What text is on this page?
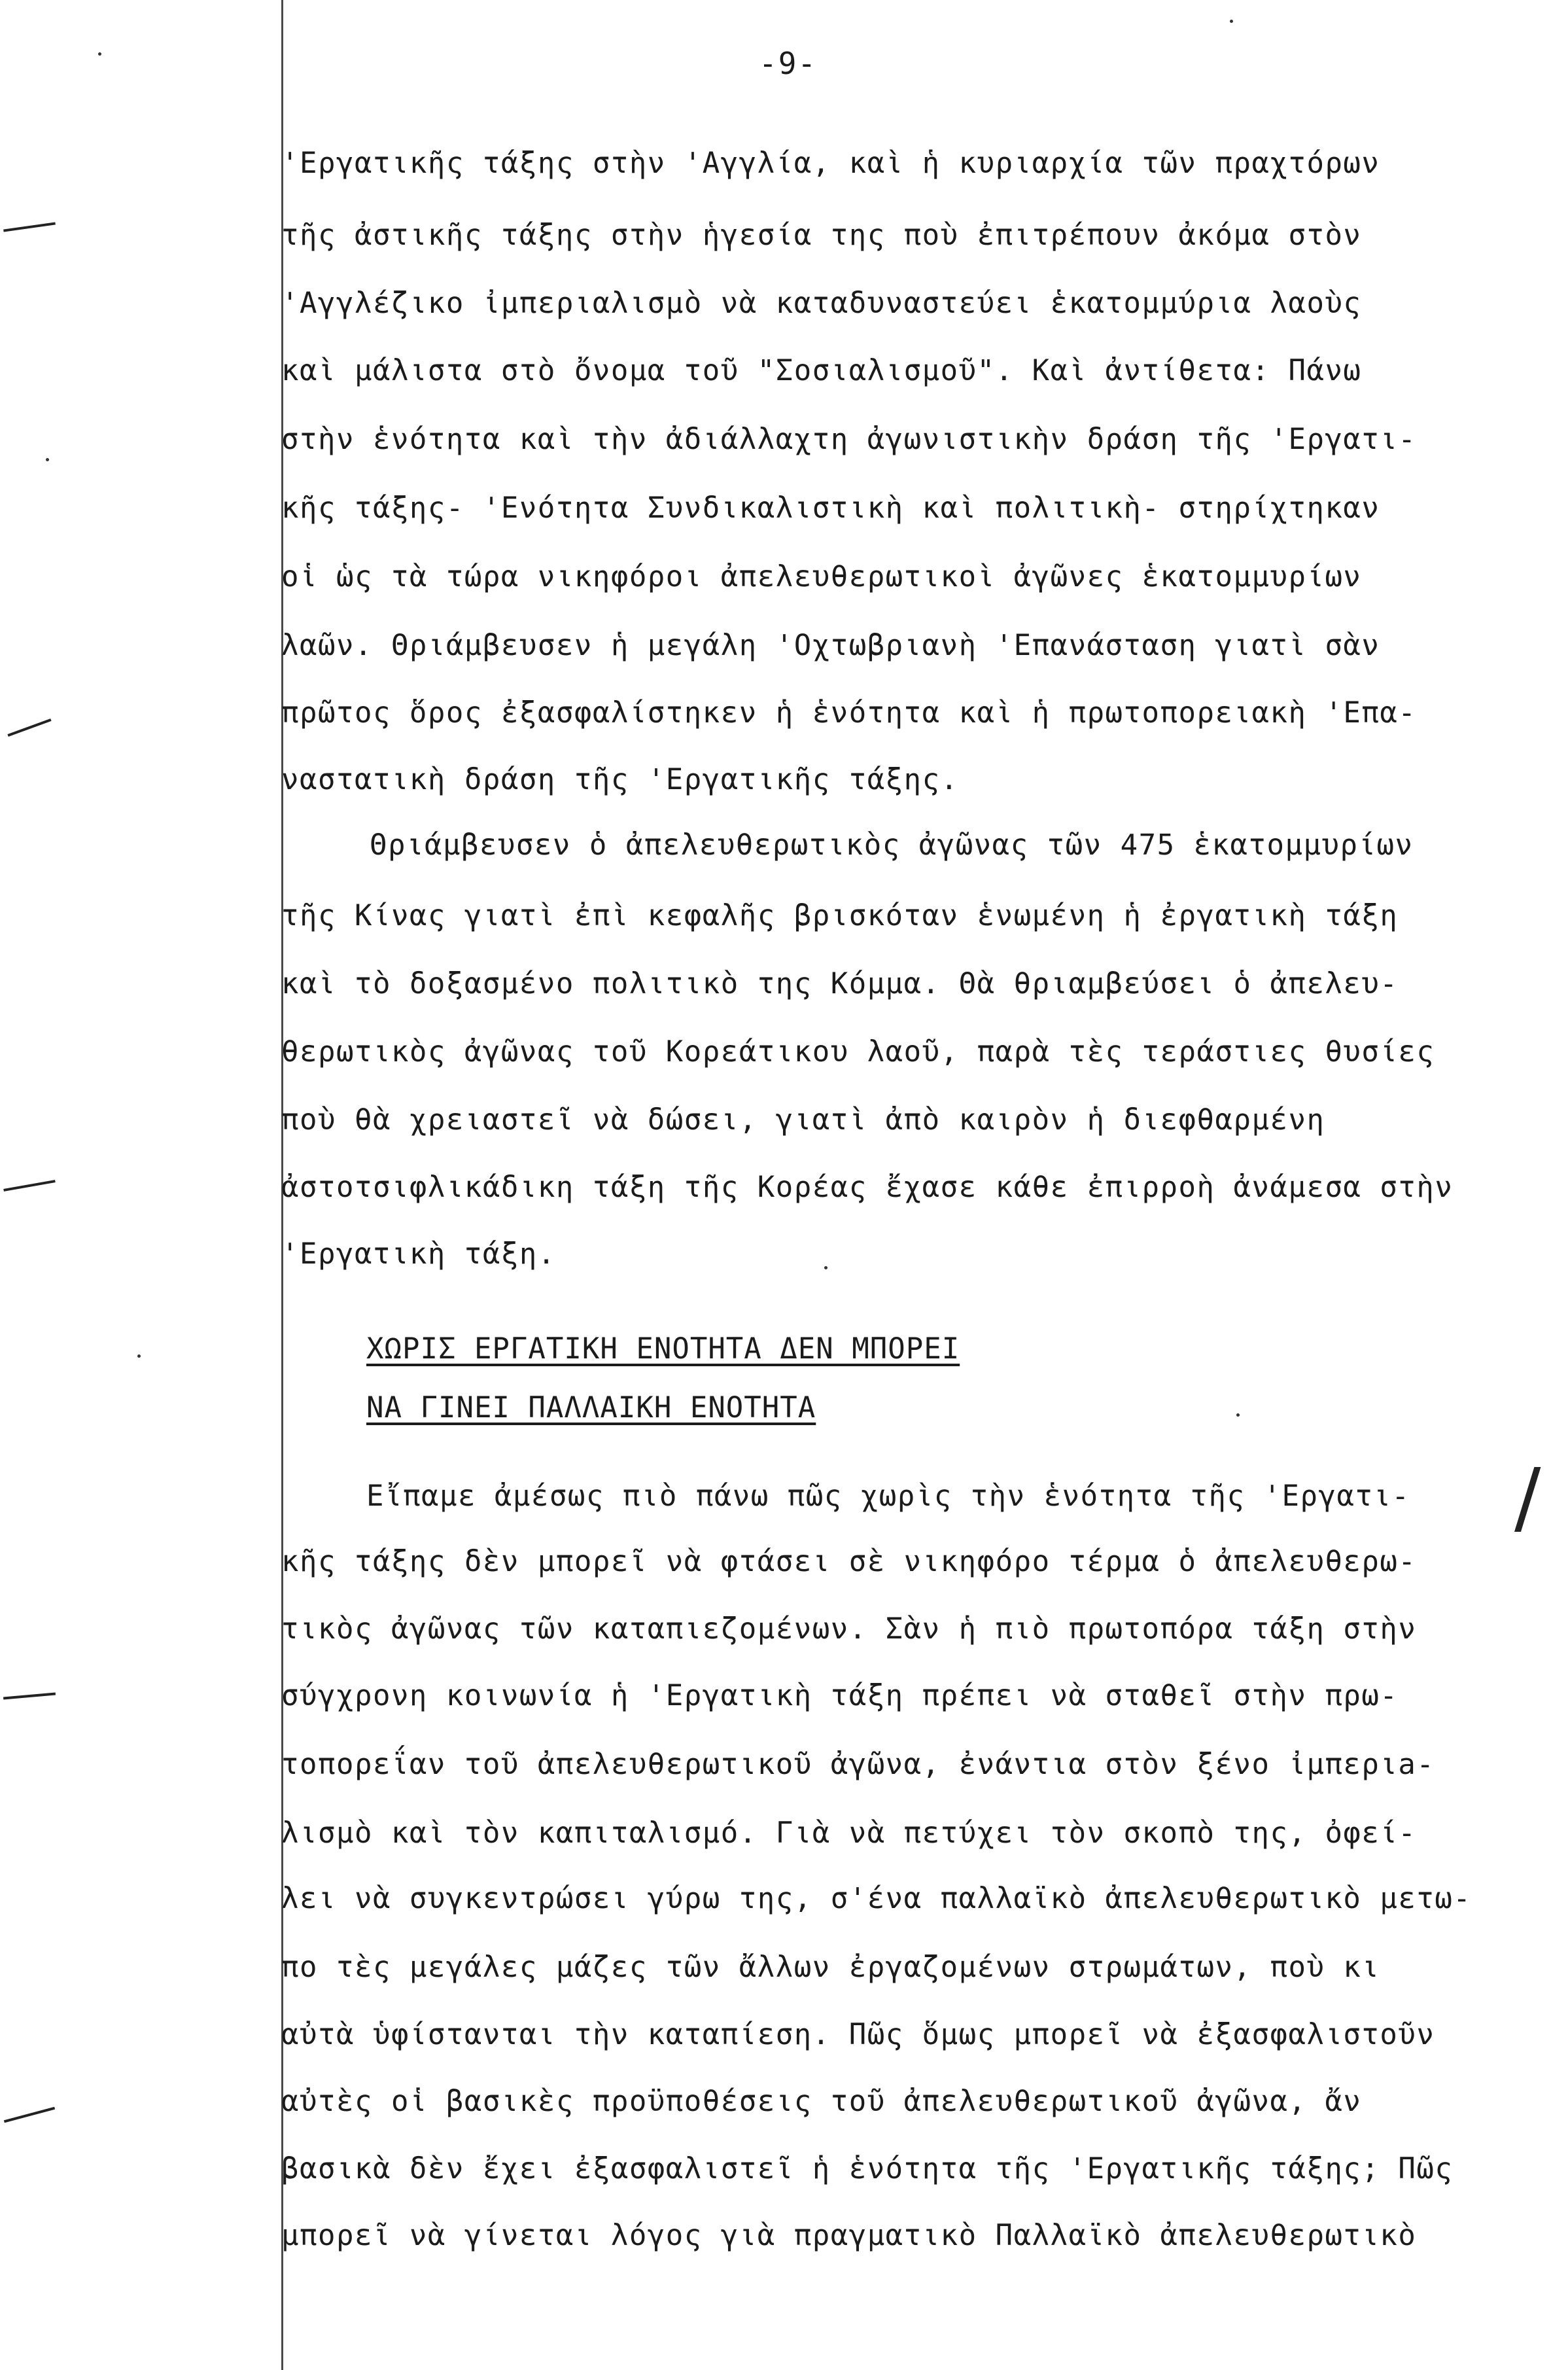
-9-
'Εργατικῆς τάξης στὴν 'Αγγλία, καὶ ἡ κυριαρχία τῶν πραχτόρων
τῆς ἀστικῆς τάξης στὴν ἡγεσία της ποὺ ἐπιτρέπουν ἀκόμα στὸν
'Αγγλέζικο ἰμπεριαλισμὸ νὰ καταδυναστεύει ἑκατομμύρια λαοὺς
καὶ μάλιστα στὸ ὄνομα τοῦ "Σοσιαλισμοῦ". Καὶ ἀντίθετα: Πάνω
στὴν ἑνότητα καὶ τὴν ἀδιάλλαχτη ἀγωνιστικὴν δράση τῆς 'Εργατι-
κῆς τάξης- 'Ενότητα Συνδικαλιστικὴ καὶ πολιτικὴ- στηρίχτηκαν
οἱ ὡς τὰ τώρα νικηφόροι ἀπελευθερωτικοὶ ἀγῶνες ἑκατομμυρίων
λαῶν. Θριάμβευσεν ἡ μεγάλη 'Οχτωβριανὴ 'Επανάσταση γιατὶ σὰν
πρῶτος ὅρος ἐξασφαλίστηκεν ἡ ἑνότητα καὶ ἡ πρωτοπορειακὴ 'Επα-
ναστατικὴ δράση τῆς 'Εργατικῆς τάξης.
Θριάμβευσεν ὁ ἀπελευθερωτικὸς ἀγῶνας τῶν 475 ἑκατομμυρίων
τῆς Κίνας γιατὶ ἐπὶ κεφαλῆς βρισκόταν ἑνωμένη ἡ ἐργατικὴ τάξη
καὶ τὸ δοξασμένο πολιτικὸ της Κόμμα. Θὰ θριαμβεύσει ὁ ἀπελευ-
θερωτικὸς ἀγῶνας τοῦ Κορεάτικου λαοῦ, παρὰ τὲς τεράστιες θυσίες
ποὺ θὰ χρειαστεῖ νὰ δώσει, γιατὶ ἀπὸ καιρὸν ἡ διεφθαρμένη
ἀστοτσιφλικάδικη τάξη τῆς Κορέας ἔχασε κάθε ἐπιρροὴ ἀνάμεσα στὴν
'Εργατικὴ τάξη.
ΧΩΡΙΣ ΕΡΓΑΤΙΚΗ ΕΝΟΤΗΤΑ ΔΕΝ ΜΠΟΡΕΙ
ΝΑ ΓΙΝΕΙ ΠΑΛΛΑΙΚΗ ΕΝΟΤΗΤΑ
Εἴπαμε ἀμέσως πιὸ πάνω πῶς χωρὶς τὴν ἑνότητα τῆς 'Εργατι-
κῆς τάξης δὲν μπορεῖ νὰ φτάσει σὲ νικηφόρο τέρμα ὁ ἀπελευθερω-
τικὸς ἀγῶνας τῶν καταπιεζομένων. Σὰν ἡ πιὸ πρωτοπόρα τάξη στὴν
σύγχρονη κοινωνία ἡ 'Εργατικὴ τάξη πρέπει νὰ σταθεῖ στὴν πρω-
τοπορεΐαν τοῦ ἀπελευθερωτικοῦ ἀγῶνα, ἐνάντια στὸν ξένο ἰμπεριa-
λισμὸ καὶ τὸν καπιταλισμό. Γιὰ νὰ πετύχει τὸν σκοπὸ της, ὀφεί-
λει νὰ συγκεντρώσει γύρω της, σ'ένα παλλαϊκὸ ἀπελευθερωτικὸ μετω-
πο τὲς μεγάλες μάζες τῶν ἄλλων ἐργαζομένων στρωμάτων, ποὺ κι
αὐτὰ ὑφίστανται τὴν καταπίεση. Πῶς ὅμως μπορεῖ νὰ ἐξασφαλιστοῦν
αὐτὲς οἱ βασικὲς προϋποθέσεις τοῦ ἀπελευθερωτικοῦ ἀγῶνα, ἄν
βασικὰ δὲν ἔχει ἐξασφαλιστεῖ ἡ ἑνότητα τῆς 'Εργατικῆς τάξης; Πῶς
μπορεῖ νὰ γίνεται λόγος γιὰ πραγματικὸ Παλλαϊκὸ ἀπελευθερωτικὸ
/
